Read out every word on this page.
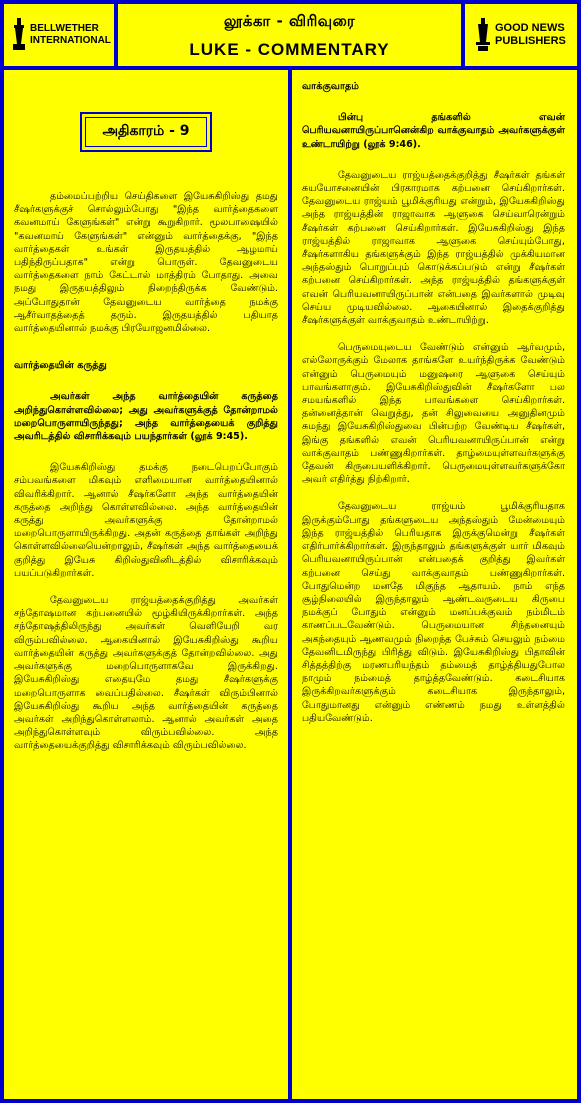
BELLWETHER INTERNATIONAL
லூக்கா - விரிவுரை
LUKE - COMMENTARY
GOOD NEWS PUBLISHERS
அதிகாரம் - 9

தம்மைப்பற்றிய செய்திகளை இயேசுகிறிஸ்து தமது சீஷர்களுக்குச் சொல்லும்போது "இந்த வார்த்தைகளை கவனமாய் கேளுங்கள்" என்று கூறுகிறார். மூலபாஷையில் "கவனமாய் கேளுங்கள்" என்னும் வார்த்தைக்கு, "இந்த வார்த்தைகள் உங்கள் இருதயத்தில் ஆழமாய் பதிந்திருப்பதாக" என்று பொருள். தேவனுடைய வார்த்தைகளை நாம் கேட்டால் மாத்திரம் போதாது. அவை நமது இருதயத்திலும் நிறைந்திருக்க வேண்டும். அப்போதுதான் தேவனுடைய வார்த்தை நமக்கு ஆசீர்வாதத்தைத் தரும். இருதயத்தில் பதியாத வார்த்தையினால் நமக்கு பிரயோஜனமில்லை.

வார்த்தையின் கருத்து
அவர்கள் அந்த வார்த்தையின் கருத்தை அறிந்துகொள்ளவில்லை; அது அவர்களுக்குத் தோன்றாமல் மறைபொருளாயிருந்தது; அந்த வார்த்தையைக் குறித்து அவரிடத்தில் விசாரிக்கவும் பயந்தார்கள் (லூக் 9:45).

இயேசுகிறிஸ்து தமக்கு நடைபெறப்போகும் சம்பவங்களை மிகவும் எளிமையான வார்த்தையினால் விவரிக்கிறார். ஆனால் சீஷர்களோ அந்த வார்த்தையின் கருத்தை அறிந்து கொள்ளவில்லை. அந்த வார்த்தையின் கருத்து அவர்களுக்கு தோன்றாமல் மறைபொருளாயிருக்கிறது. அதன் கருத்தை தாங்கள் அறிந்து கொள்ளவில்லையென்றாலும், சீஷர்கள் அந்த வார்த்தையைக் குறித்து இயேசு கிறிஸ்துவினிடத்தில் விசாரிக்கவும் பயப்படுகிறார்கள்.

தேவனுடைய ராஜ்யத்தைக்குறித்து அவர்கள் சந்தோஷமான கற்பனையில் மூழ்கியிருக்கிறார்கள். அந்த சந்தோஷத்திலிருந்து அவர்கள் வெளியேறி வர விரும்பவில்லை. ஆகையினால் இயேசுகிறிஸ்து கூறிய வார்த்தையின் கருத்து அவர்களுக்குத் தோன்றவில்லை. அது அவர்களுக்கு மறைபொருளாகவே இருக்கிறது. இயேசுகிறிஸ்து எதையுமே தமது சீஷர்களுக்கு மறைபொருளாக வைப்பதில்லை. சீஷர்கள் விரும்பினால் இயேசுகிறிஸ்து கூறிய அந்த வார்த்தையின் கருத்தை அவர்கள் அறிந்துகொள்ளலாம். ஆனால் அவர்கள் அதை அறிந்துகொள்ளவும் விரும்பவில்லை. அந்த வார்த்தையைக்குறித்து விசாரிக்கவும் விரும்பவில்லை.

வாக்குவாதம்
பின்பு தங்களில் எவன் பெரியவனாயிருப்பானென்கிற வாக்குவாதம் அவர்களுக்குள் உண்டாயிற்று (லூக் 9:46).

தேவனுடைய ராஜ்யத்தைக்குறித்து சீஷர்கள் தங்கள் சுயயோசனையின் பிரகாரமாக கற்பனை செய்கிறார்கள். தேவனுடைய ராஜ்யம் பூமிக்குரியது என்றும், இயேசுகிறிஸ்து அந்த ராஜ்யத்தின் ராஜாவாக ஆளுகை செய்வாரென்றும் சீஷர்கள் கற்பனை செய்கிறார்கள். இயேசுகிறிஸ்து இந்த ராஜ்யத்தில் ராஜாவாக ஆளுகை செய்யும்போது, சீஷர்களாகிய தங்களுக்கும் இந்த ராஜ்யத்தில் முக்கியமான அந்தஸ்தும் பொறுப்பும் கொடுக்கப்படும் என்று சீஷர்கள் கற்பனை செய்கிறார்கள். அந்த ராஜ்யத்தில் தங்களுக்குள் எவன் பெரியவனாயிருப்பான் என்பதை இவர்களால் முடிவு செய்ய முடியவில்லை. ஆகையினால் இதைக்குறித்து சீஷர்களுக்குள் வாக்குவாதம் உண்டாயிற்று.

பெருமையுடைய வேண்டும் என்னும் ஆர்வமும், எல்லோருக்கும் மேலாக தாங்களே உயர்ந்திருக்க வேண்டும் என்னும் பெருமையும் மனுஷரை ஆளுகை செய்யும் பாவங்களாகும். இயேசுகிறிஸ்துவின் சீஷர்களோ பல சமயங்களில் இந்த பாவங்களை செய்கிறார்கள். தன்னைத்தான் வெறுத்து, தன் சிலுவையை அனுதினமும் சுமந்து இயேசுகிறிஸ்துவை பின்பற்ற வேண்டிய சீஷர்கள், இங்கு தங்களில் எவன் பெரியவனாயிருப்பான் என்று வாக்குவாதம் பண்ணுகிறார்கள். தாழ்மையுள்ளவர்களுக்கு தேவன் கிருபையளிக்கிறார். பெருமையுள்ளவர்களுக்கோ அவர் எதிர்த்து நிற்கிறார்.

தேவனுடைய ராஜ்யம் பூமிக்குரியதாக இருக்கும்போது தங்களுடைய அந்தஸ்தும் மேன்மையும் இந்த ராஜ்யத்தில் பெரியதாக இருக்குமென்று சீஷர்கள் எதிர்பார்க்கிறார்கள். இருந்தாலும் தங்களுக்குள் யார் மிகவும் பெரியவனாயிருப்பான் என்பதைக் குறித்து இவர்கள் கற்பனை செய்து வாக்குவாதம் பண்ணுகிறார்கள். போதுமென்ற மனதே மிகுந்த ஆதாயம். நாம் எந்த சூழ்நிலையில் இருந்தாலும் ஆண்டவருடைய கிருபை நமக்குப் போதும் என்னும் மனப்பக்குவம் நம்மிடம் காணப்படவேண்டும். பெருமையான சிந்தனையும் அகந்தையும் ஆணவமும் நிறைந்த பேச்சும் செயலும் நம்மை தேவனிடமிருந்து பிரித்து விடும். இயேசுகிறிஸ்து பிதாவின் சித்தத்திற்கு மரணபரியந்தம் தம்மைத் தாழ்த்தியதுபோல நாமும் நம்மைத் தாழ்த்தவேண்டும். கடைசியாக இருக்கிறவர்களுக்கும் கடைசியாக இருந்தாலும், போதுமானது என்னும் எண்ணம் நமது உள்ளத்தில் பதியவேண்டும்.
